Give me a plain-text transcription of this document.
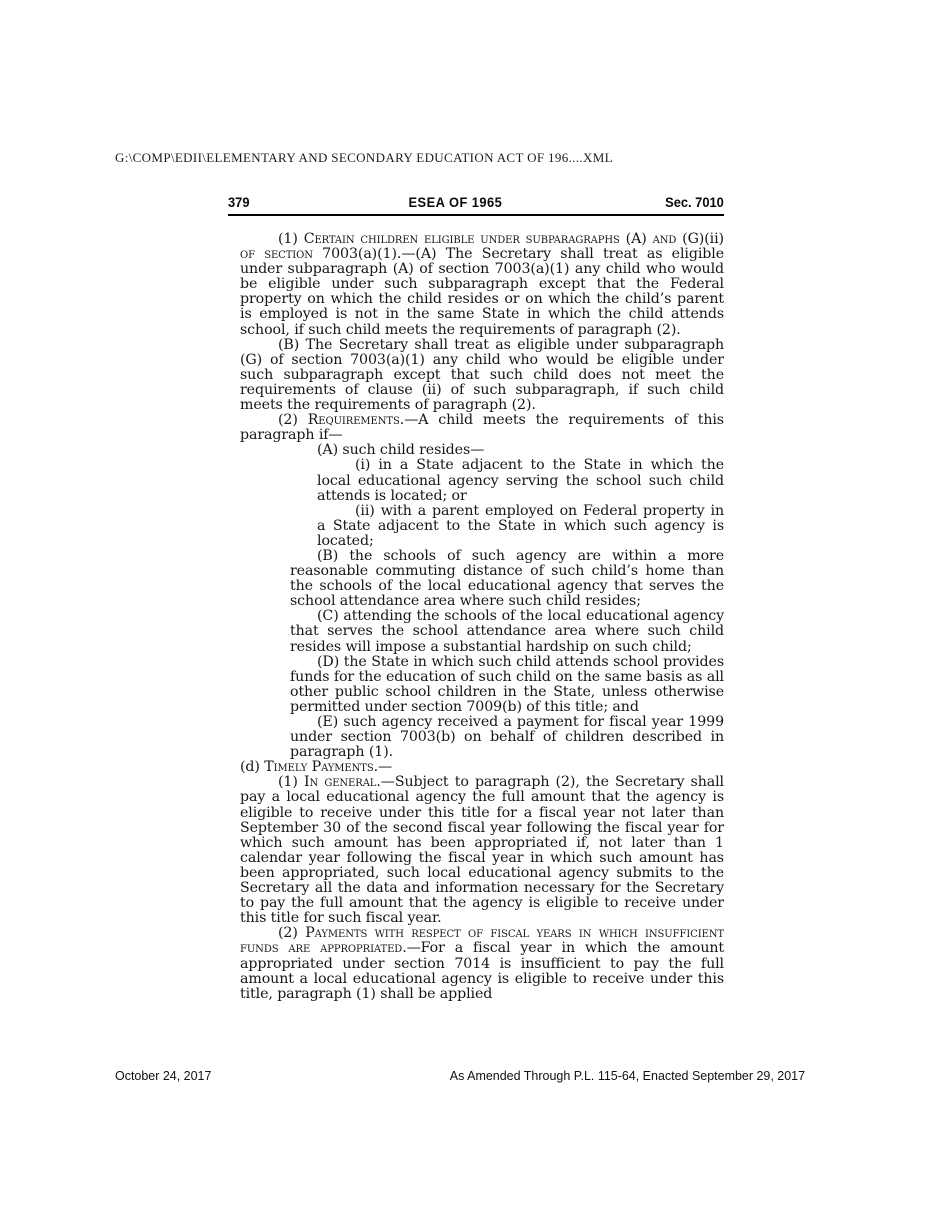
G:\COMP\EDII\ELEMENTARY AND SECONDARY EDUCATION ACT OF 196....XML
379	ESEA OF 1965	Sec. 7010

(1) Certain children eligible under subparagraphs (A) and (G)(ii) of section 7003(a)(1).—(A) The Secretary shall treat as eligible under subparagraph (A) of section 7003(a)(1) any child who would be eligible under such subparagraph except that the Federal property on which the child resides or on which the child’s parent is employed is not in the same State in which the child attends school, if such child meets the requirements of paragraph (2).

(B) The Secretary shall treat as eligible under subparagraph (G) of section 7003(a)(1) any child who would be eligible under such subparagraph except that such child does not meet the requirements of clause (ii) of such subparagraph, if such child meets the requirements of paragraph (2).

(2) Requirements.—A child meets the requirements of this paragraph if—

(A) such child resides—

(i) in a State adjacent to the State in which the local educational agency serving the school such child attends is located; or

(ii) with a parent employed on Federal property in a State adjacent to the State in which such agency is located;

(B) the schools of such agency are within a more reasonable commuting distance of such child’s home than the schools of the local educational agency that serves the school attendance area where such child resides;

(C) attending the schools of the local educational agency that serves the school attendance area where such child resides will impose a substantial hardship on such child;

(D) the State in which such child attends school provides funds for the education of such child on the same basis as all other public school children in the State, unless otherwise permitted under section 7009(b) of this title; and

(E) such agency received a payment for fiscal year 1999 under section 7003(b) on behalf of children described in paragraph (1).

(d) Timely Payments.—

(1) In general.—Subject to paragraph (2), the Secretary shall pay a local educational agency the full amount that the agency is eligible to receive under this title for a fiscal year not later than September 30 of the second fiscal year following the fiscal year for which such amount has been appropriated if, not later than 1 calendar year following the fiscal year in which such amount has been appropriated, such local educational agency submits to the Secretary all the data and information necessary for the Secretary to pay the full amount that the agency is eligible to receive under this title for such fiscal year.

(2) Payments with respect of fiscal years in which insufficient funds are appropriated.—For a fiscal year in which the amount appropriated under section 7014 is insufficient to pay the full amount a local educational agency is eligible to receive under this title, paragraph (1) shall be applied

October 24, 2017	As Amended Through P.L. 115-64, Enacted September 29, 2017
